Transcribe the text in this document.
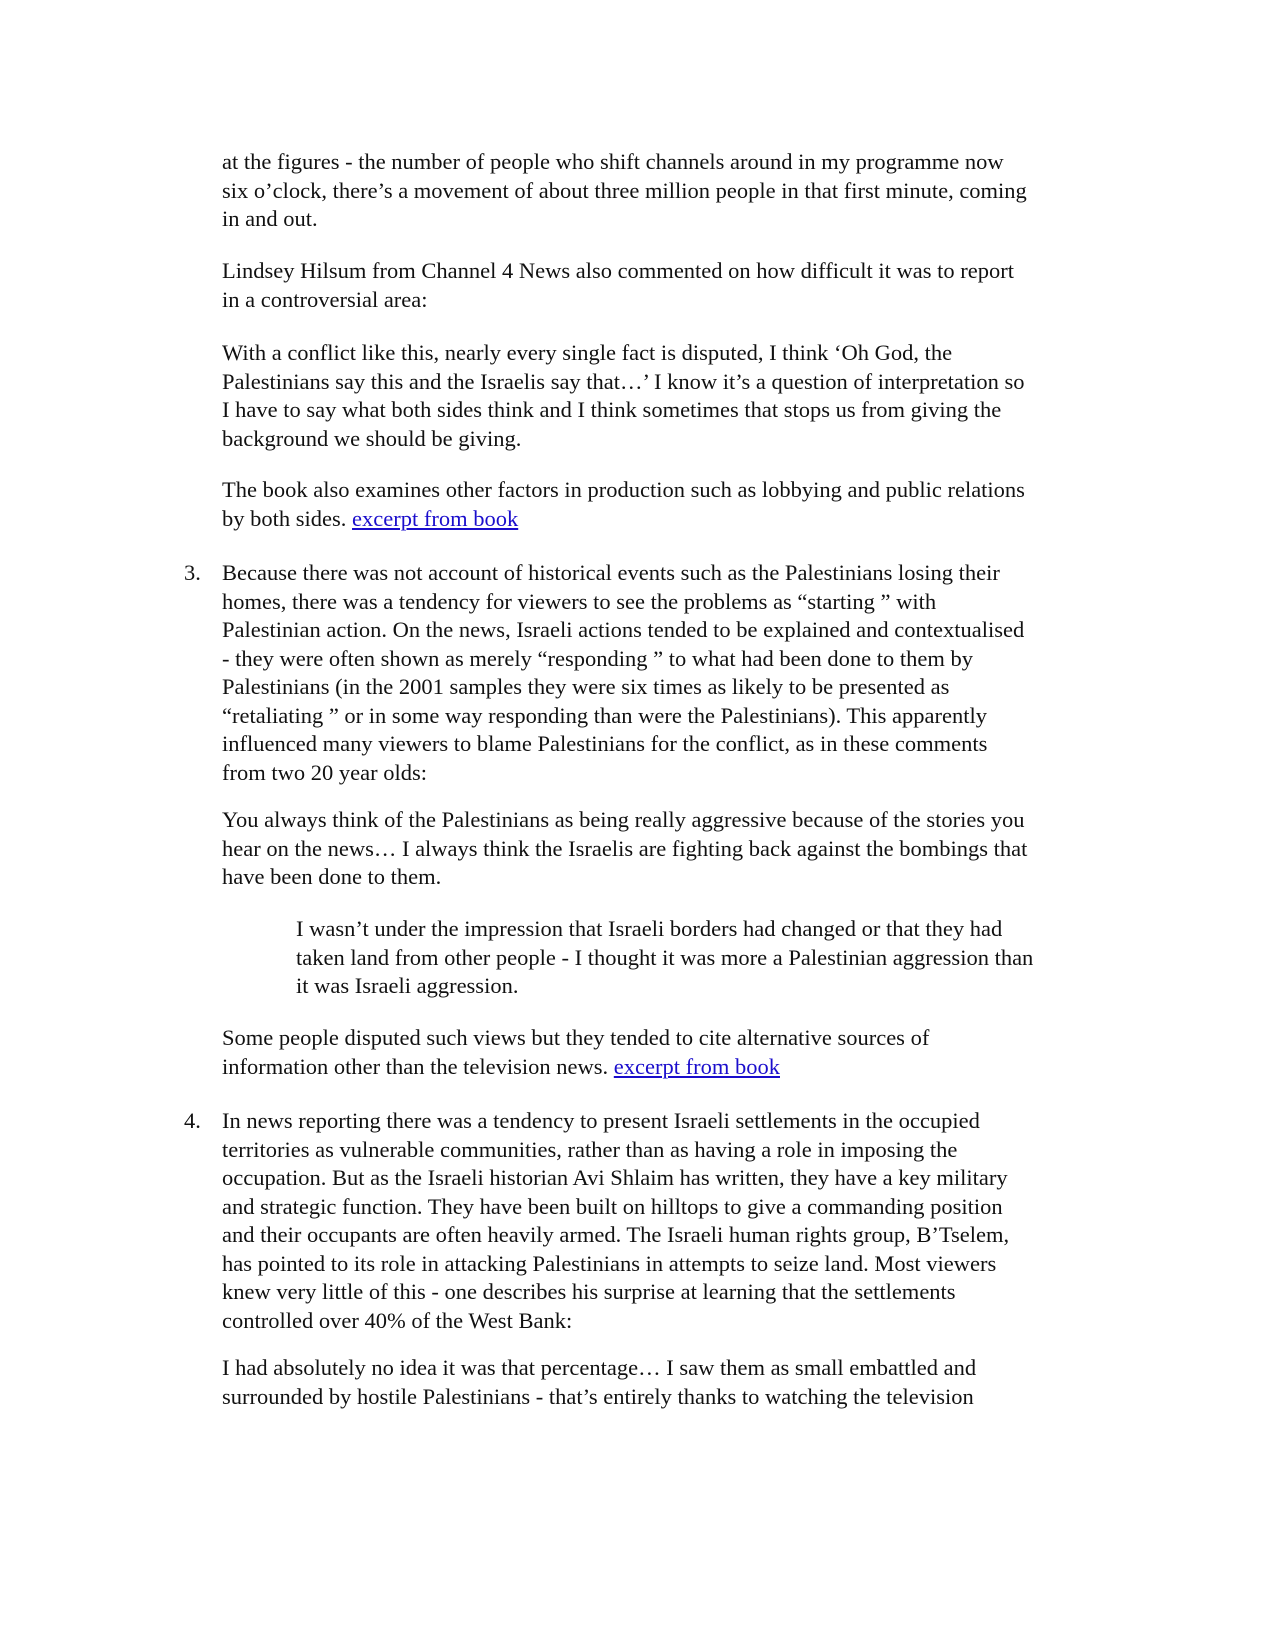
at the figures - the number of people who shift channels around in my programme now
six o’clock, there’s a movement of about three million people in that first minute, coming
in and out.

Lindsey Hilsum from Channel 4 News also commented on how difficult it was to report
in a controversial area:

With a conflict like this, nearly every single fact is disputed, I think ‘Oh God, the
Palestinians say this and the Israelis say that…’ I know it’s a question of interpretation so
I have to say what both sides think and I think sometimes that stops us from giving the
background we should be giving.

The book also examines other factors in production such as lobbying and public relations
by both sides. excerpt from book

3. Because there was not account of historical events such as the Palestinians losing their
homes, there was a tendency for viewers to see the problems as “starting ” with
Palestinian action. On the news, Israeli actions tended to be explained and contextualised
- they were often shown as merely “responding ” to what had been done to them by
Palestinians (in the 2001 samples they were six times as likely to be presented as
“retaliating ” or in some way responding than were the Palestinians). This apparently
influenced many viewers to blame Palestinians for the conflict, as in these comments
from two 20 year olds:

You always think of the Palestinians as being really aggressive because of the stories you
hear on the news… I always think the Israelis are fighting back against the bombings that
have been done to them.

I wasn’t under the impression that Israeli borders had changed or that they had
taken land from other people - I thought it was more a Palestinian aggression than
it was Israeli aggression.

Some people disputed such views but they tended to cite alternative sources of
information other than the television news. excerpt from book

4. In news reporting there was a tendency to present Israeli settlements in the occupied
territories as vulnerable communities, rather than as having a role in imposing the
occupation. But as the Israeli historian Avi Shlaim has written, they have a key military
and strategic function. They have been built on hilltops to give a commanding position
and their occupants are often heavily armed. The Israeli human rights group, B’Tselem,
has pointed to its role in attacking Palestinians in attempts to seize land. Most viewers
knew very little of this - one describes his surprise at learning that the settlements
controlled over 40% of the West Bank:

I had absolutely no idea it was that percentage… I saw them as small embattled and
surrounded by hostile Palestinians - that’s entirely thanks to watching the television
